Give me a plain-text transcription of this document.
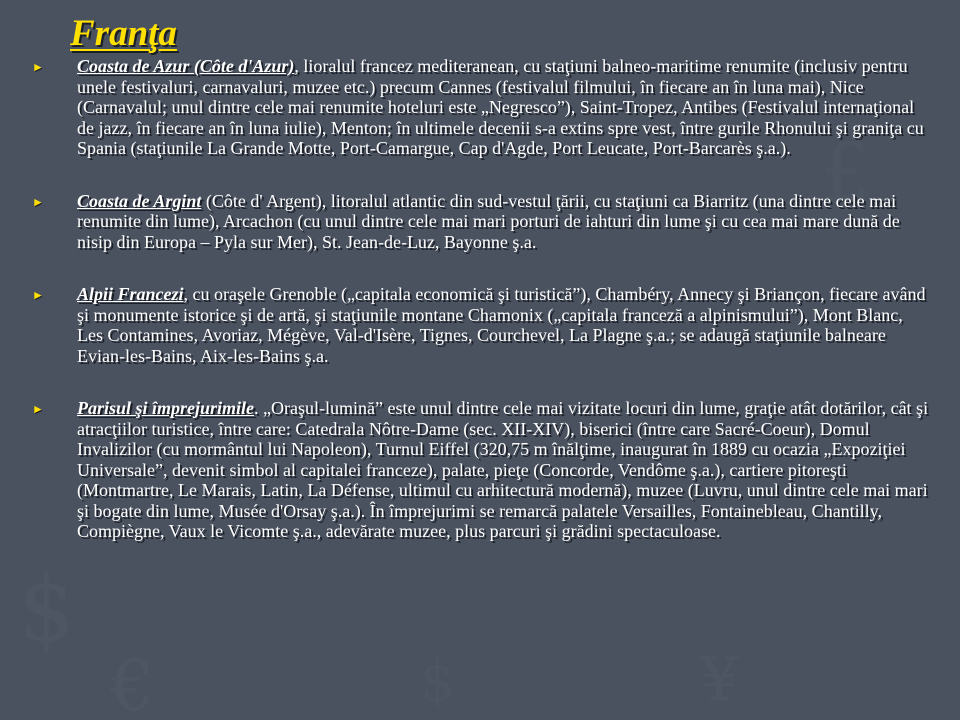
$
€
£
¥
$
Franţa
► Coasta de Azur (Côte d'Azur), lioralul francez mediteranean, cu staţiuni balneo-maritime renumite (inclusiv pentru unele festivaluri, carnavaluri, muzee etc.) precum Cannes (festivalul filmului, în fiecare an în luna mai), Nice (Carnavalul; unul dintre cele mai renumite hoteluri este „Negresco”), Saint-Tropez, Antibes (Festivalul internaţional de jazz, în fiecare an în luna iulie), Menton; în ultimele decenii s-a extins spre vest, între gurile Rhonului şi graniţa cu Spania (staţiunile La Grande Motte, Port-Camargue, Cap d'Agde, Port Leucate, Port-Barcarès ş.a.).
► Coasta de Argint (Côte d' Argent), litoralul atlantic din sud-vestul ţării, cu staţiuni ca Biarritz (una dintre cele mai renumite din lume), Arcachon (cu unul dintre cele mai mari porturi de iahturi din lume şi cu cea mai mare dună de nisip din Europa – Pyla sur Mer), St. Jean-de-Luz, Bayonne ş.a.
► Alpii Francezi, cu oraşele Grenoble („capitala economică şi turistică”), Chambéry, Annecy şi Briançon, fiecare având şi monumente istorice şi de artă, şi staţiunile montane Chamonix („capitala franceză a alpinismului”), Mont Blanc, Les Contamines, Avoriaz, Mégève, Val-d'Isère, Tignes, Courchevel, La Plagne ş.a.; se adaugă staţiunile balneare Evian-les-Bains, Aix-les-Bains ş.a.
► Parisul şi împrejurimile. „Oraşul-lumină” este unul dintre cele mai vizitate locuri din lume, graţie atât dotărilor, cât şi atracţiilor turistice, între care: Catedrala Nôtre-Dame (sec. XII-XIV), biserici (între care Sacré-Coeur), Domul Invalizilor (cu mormântul lui Napoleon), Turnul Eiffel (320,75 m înălţime, inaugurat în 1889 cu ocazia „Expoziţiei Universale”, devenit simbol al capitalei franceze), palate, pieţe (Concorde, Vendôme ş.a.), cartiere pitoreşti (Montmartre, Le Marais, Latin, La Défense, ultimul cu arhitectură modernă), muzee (Luvru, unul dintre cele mai mari şi bogate din lume, Musée d'Orsay ş.a.). În împrejurimi se remarcă palatele Versailles, Fontainebleau, Chantilly, Compiègne, Vaux le Vicomte ş.a., adevărate muzee, plus parcuri şi grădini spectaculoase.
